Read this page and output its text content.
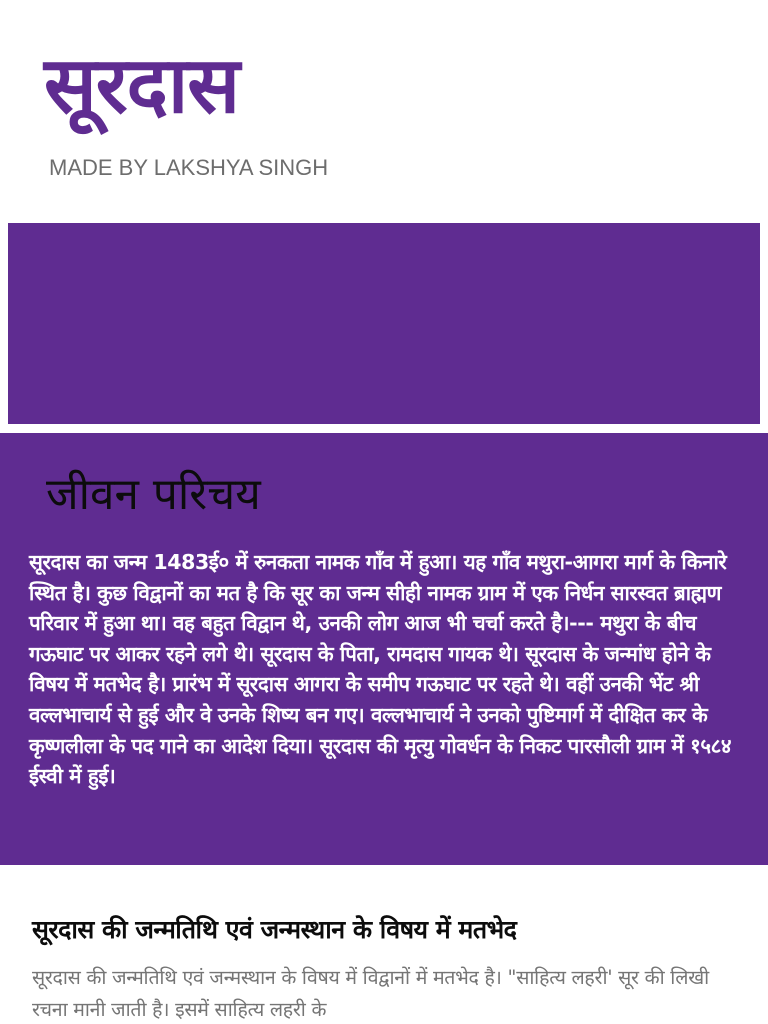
सूरदास
MADE BY LAKSHYA SINGH
जीवन परिचय

सूरदास का जन्म 1483ई० में रुनकता नामक गाँव में हुआ। यह गाँव मथुरा-आगरा मार्ग के किनारे स्थित है। कुछ विद्वानों का मत है कि सूर का जन्म सीही नामक ग्राम में एक निर्धन सारस्वत ब्राह्मण परिवार में हुआ था। वह बहुत विद्वान थे, उनकी लोग आज भी चर्चा करते है।--- मथुरा के बीच गऊघाट पर आकर रहने लगे थे। सूरदास के पिता, रामदास गायक थे। सूरदास के जन्मांध होने के विषय में मतभेद है। प्रारंभ में सूरदास आगरा के समीप गऊघाट पर रहते थे। वहीं उनकी भेंट श्री वल्लभाचार्य से हुई और वे उनके शिष्य बन गए। वल्लभाचार्य ने उनको पुष्टिमार्ग में दीक्षित कर के कृष्णलीला के पद गाने का आदेश दिया। सूरदास की मृत्यु गोवर्धन के निकट पारसौली ग्राम में १५८४ ईस्वी में हुई।

सूरदास की जन्मतिथि एवं जन्मस्थान के विषय में मतभेद

सूरदास की जन्मतिथि एवं जन्मस्थान के विषय में विद्वानों में मतभेद है। "साहित्य लहरी' सूर की लिखी रचना मानी जाती है। इसमें साहित्य लहरी के
